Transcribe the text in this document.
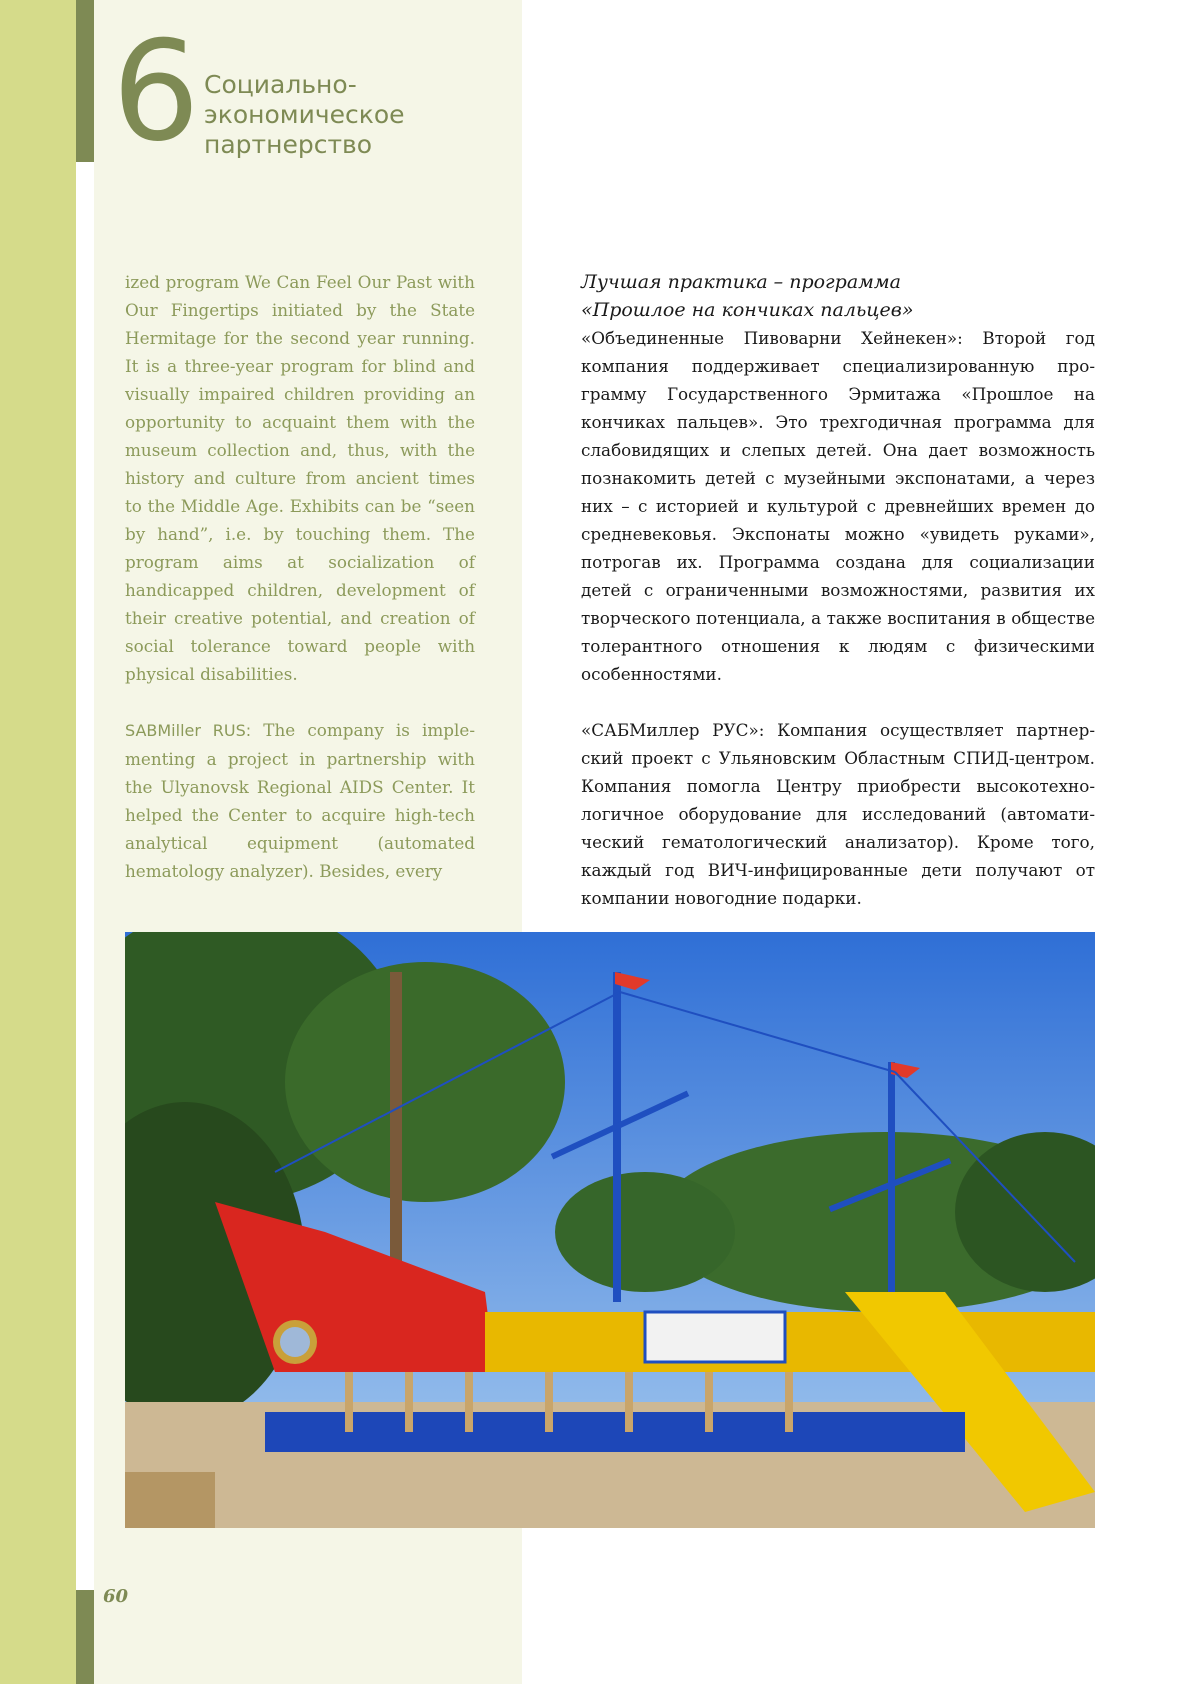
6 Социально-
экономическое
партнерство

ized program We Can Feel Our Past with Our Fingertips initiated by the State Hermitage for the second year running. It is a three-year program for blind and visually impaired children providing an opportunity to acquaint them with the museum collection and, thus, with the history and culture from ancient times to the Middle Age. Exhibits can be “seen by hand”, i.e. by touching them. The program aims at socialization of handicapped children, development of their creative potential, and creation of social tolerance toward people with physical disabilities.

SABMiller RUS: The company is implementing a project in partnership with the Ulyanovsk Regional AIDS Center. It helped the Center to acquire high-tech analytical equipment (automated hematology analyzer). Besides, every

Лучшая практика – программа
«Прошлое на кончиках пальцев»

«Объединенные Пивоварни Хейнекен»: Второй год компания поддерживает специализированную программу Государственного Эрмитажа «Прошлое на кончиках пальцев». Это трехгодичная программа для слабовидящих и слепых детей. Она дает возможность познакомить детей с музейными экспонатами, а через них – с историей и культурой с древнейших времен до средневековья. Экспонаты можно «увидеть руками», потрогав их. Программа создана для социализации детей с ограниченными возможностями, развития их творческого потенциала, а также воспитания в обществе толерантного отношения к людям с физическими особенностями.

«САБМиллер РУС»: Компания осуществляет партнерский проект с Ульяновским Областным СПИД-центром. Компания помогла Центру приобрести высокотехнологичное оборудование для исследований (автоматический гематологический анализатор). Кроме того, каждый год ВИЧ-инфицированные дети получают от компании новогодние подарки.

60
